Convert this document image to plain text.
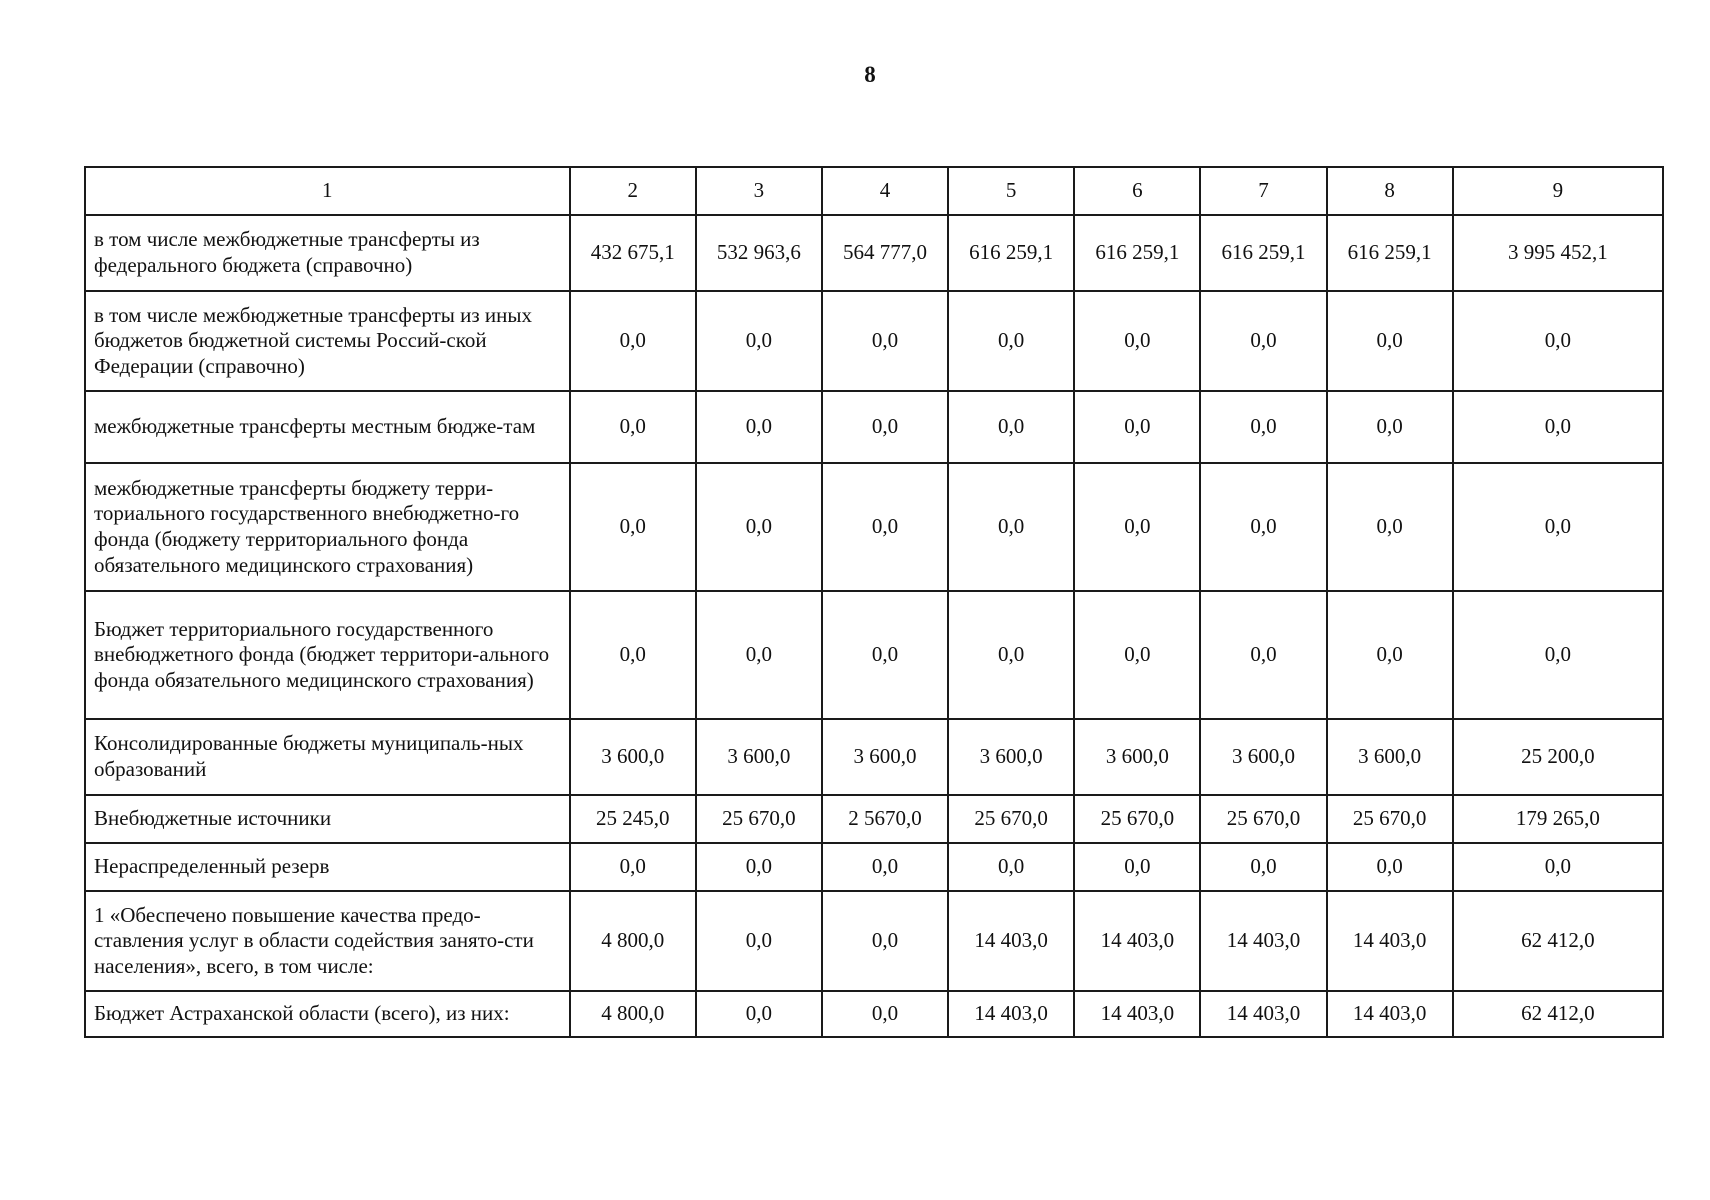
8
1	2	3	4	5	6	7	8	9
в том числе межбюджетные трансферты из федерального бюджета (справочно)	432 675,1	532 963,6	564 777,0	616 259,1	616 259,1	616 259,1	616 259,1	3 995 452,1
в том числе межбюджетные трансферты из иных бюджетов бюджетной системы Россий-ской Федерации (справочно)	0,0	0,0	0,0	0,0	0,0	0,0	0,0	0,0
межбюджетные трансферты местным бюдже-там	0,0	0,0	0,0	0,0	0,0	0,0	0,0	0,0
межбюджетные трансферты бюджету терри-ториального государственного внебюджетно-го фонда (бюджету территориального фонда обязательного медицинского страхования)	0,0	0,0	0,0	0,0	0,0	0,0	0,0	0,0
Бюджет территориального государственного внебюджетного фонда (бюджет территори-ального фонда обязательного медицинского страхования)	0,0	0,0	0,0	0,0	0,0	0,0	0,0	0,0
Консолидированные бюджеты муниципаль-ных образований	3 600,0	3 600,0	3 600,0	3 600,0	3 600,0	3 600,0	3 600,0	25 200,0
Внебюджетные источники	25 245,0	25 670,0	2 5670,0	25 670,0	25 670,0	25 670,0	25 670,0	179 265,0
Нераспределенный резерв	0,0	0,0	0,0	0,0	0,0	0,0	0,0	0,0
1 «Обеспечено повышение качества предо-ставления услуг в области содействия занято-сти населения», всего, в том числе:	4 800,0	0,0	0,0	14 403,0	14 403,0	14 403,0	14 403,0	62 412,0
Бюджет Астраханской области (всего), из них:	4 800,0	0,0	0,0	14 403,0	14 403,0	14 403,0	14 403,0	62 412,0
